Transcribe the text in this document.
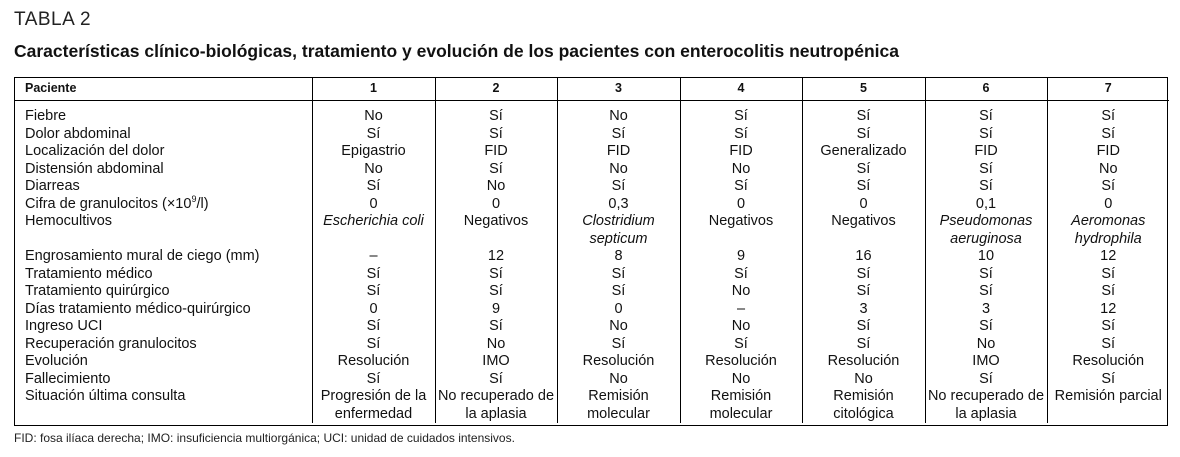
TABLA 2
Características clínico-biológicas, tratamiento y evolución de los pacientes con enterocolitis neutropénica
Paciente	1	2	3	4	5	6	7
Fiebre	No	Sí	No	Sí	Sí	Sí	Sí
Dolor abdominal	Sí	Sí	Sí	Sí	Sí	Sí	Sí
Localización del dolor	Epigastrio	FID	FID	FID	Generalizado	FID	FID
Distensión abdominal	No	Sí	No	No	Sí	Sí	No
Diarreas	Sí	No	Sí	Sí	Sí	Sí	Sí
Cifra de granulocitos $(\times 10^9/l)$	0	0	0,3	0	0	0,1	0
Hemocultivos	Escherichia coli	Negativos	Clostridium septicum	Negativos	Negativos	Pseudomonas aeruginosa	Aeromonas hydrophila
Engrosamiento mural de ciego (mm)	–	12	8	9	16	10	12
Tratamiento médico	Sí	Sí	Sí	Sí	Sí	Sí	Sí
Tratamiento quirúrgico	Sí	Sí	Sí	No	Sí	Sí	Sí
Días tratamiento médico-quirúrgico	0	9	0	–	3	3	12
Ingreso UCI	Sí	Sí	No	No	Sí	Sí	Sí
Recuperación granulocitos	Sí	No	Sí	Sí	Sí	No	Sí
Evolución	Resolución	IMO	Resolución	Resolución	Resolución	IMO	Resolución
Fallecimiento	Sí	Sí	No	No	No	Sí	Sí
Situación última consulta	Progresión de la enfermedad	No recuperado de la aplasia	Remisión molecular	Remisión molecular	Remisión citológica	No recuperado de la aplasia	Remisión parcial
FID: fosa ilíaca derecha; IMO: insuficiencia multiorgánica; UCI: unidad de cuidados intensivos.
